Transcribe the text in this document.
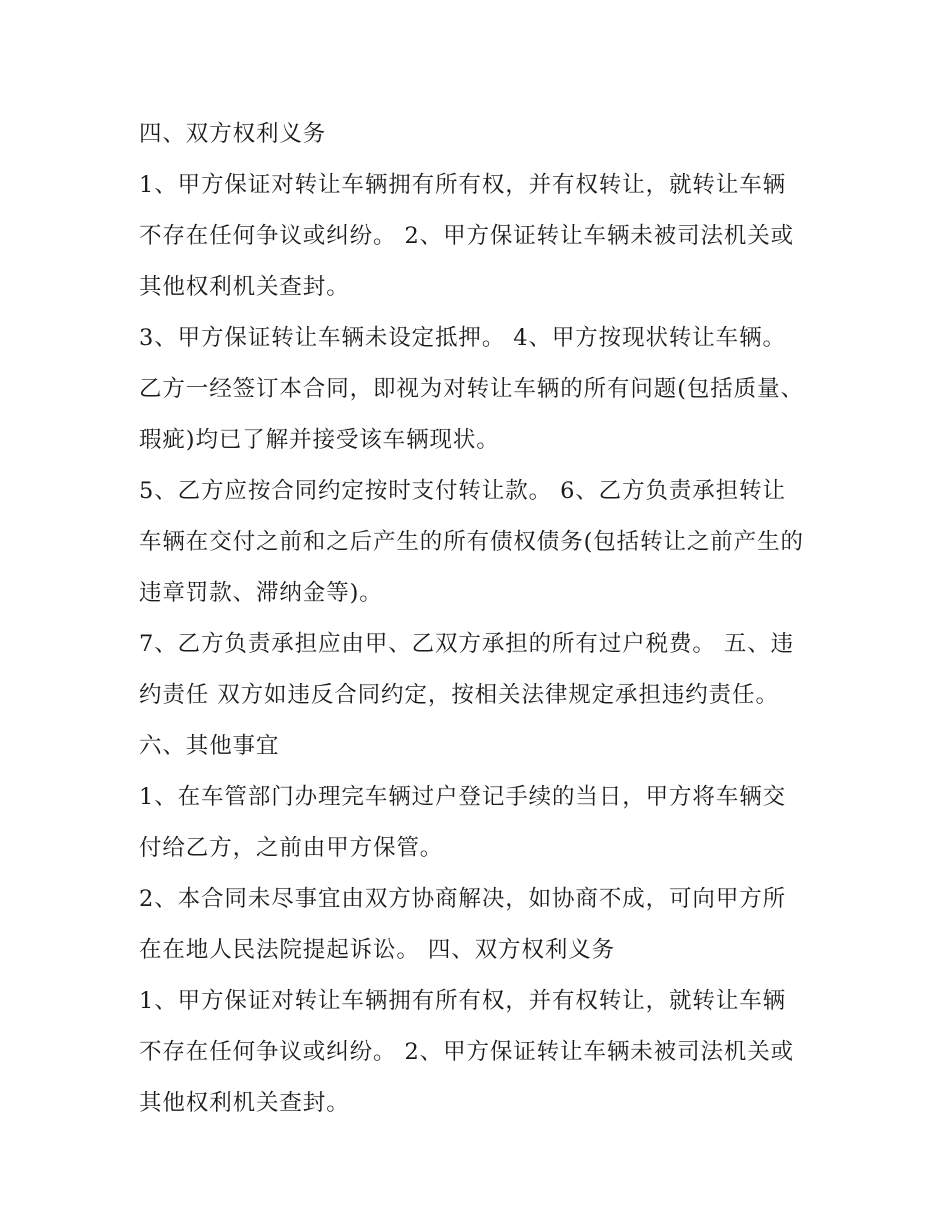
四、双方权利义务

1、甲方保证对转让车辆拥有所有权，并有权转让，就转让车辆不存在任何争议或纠纷。 2、甲方保证转让车辆未被司法机关或其他权利机关查封。

3、甲方保证转让车辆未设定抵押。 4、甲方按现状转让车辆。乙方一经签订本合同，即视为对转让车辆的所有问题(包括质量、瑕疵)均已了解并接受该车辆现状。

5、乙方应按合同约定按时支付转让款。 6、乙方负责承担转让车辆在交付之前和之后产生的所有债权债务(包括转让之前产生的违章罚款、滞纳金等)。

7、乙方负责承担应由甲、乙双方承担的所有过户税费。 五、违约责任 双方如违反合同约定，按相关法律规定承担违约责任。 六、其他事宜

1、在车管部门办理完车辆过户登记手续的当日，甲方将车辆交付给乙方，之前由甲方保管。

2、本合同未尽事宜由双方协商解决，如协商不成，可向甲方所在在地人民法院提起诉讼。 四、双方权利义务

1、甲方保证对转让车辆拥有所有权，并有权转让，就转让车辆不存在任何争议或纠纷。 2、甲方保证转让车辆未被司法机关或其他权利机关查封。
